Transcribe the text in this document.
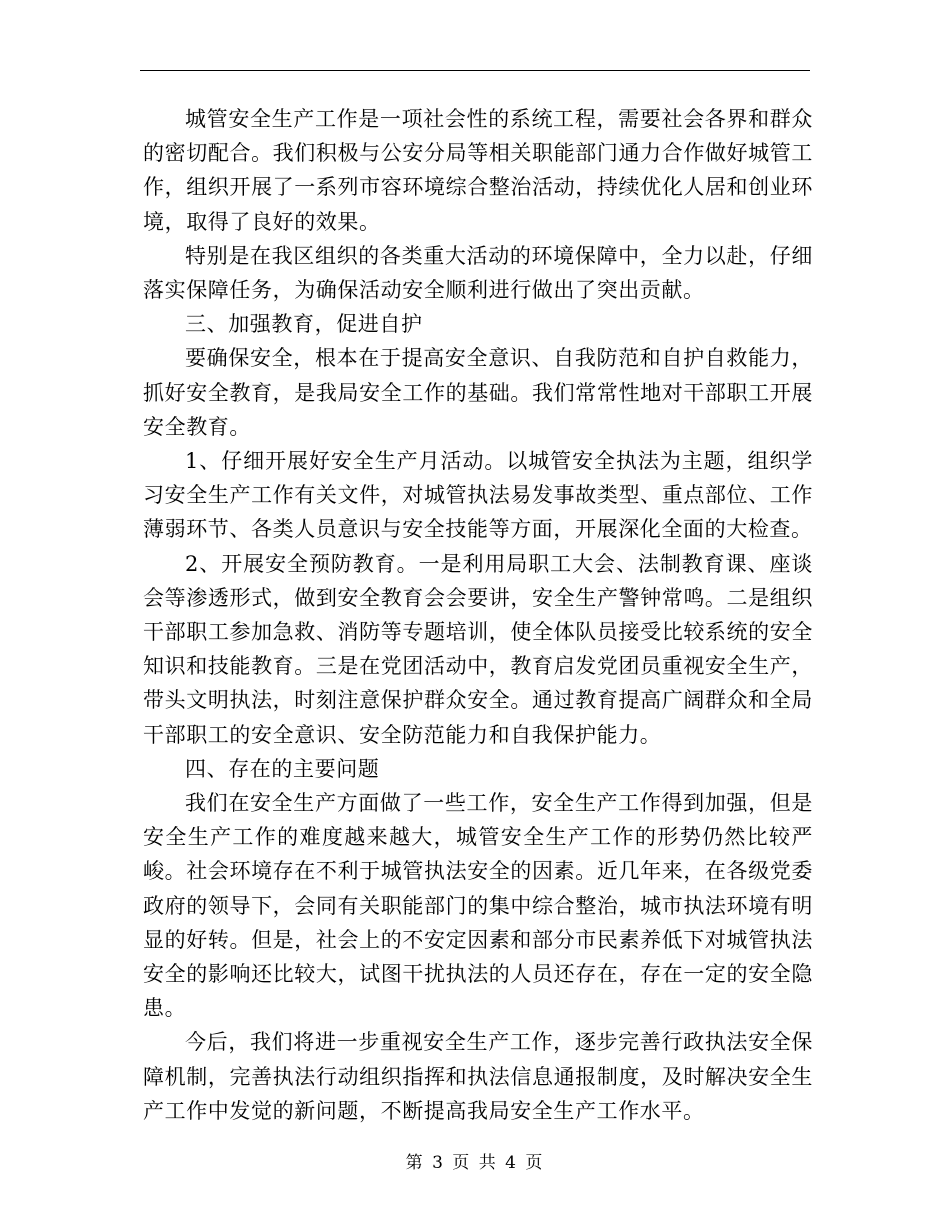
城管安全生产工作是一项社会性的系统工程，需要社会各界和群众的密切配合。我们积极与公安分局等相关职能部门通力合作做好城管工作，组织开展了一系列市容环境综合整治活动，持续优化人居和创业环境，取得了良好的效果。

特别是在我区组织的各类重大活动的环境保障中，全力以赴，仔细落实保障任务，为确保活动安全顺利进行做出了突出贡献。

三、加强教育，促进自护

要确保安全，根本在于提高安全意识、自我防范和自护自救能力，抓好安全教育，是我局安全工作的基础。我们常常性地对干部职工开展安全教育。

1、仔细开展好安全生产月活动。以城管安全执法为主题，组织学习安全生产工作有关文件，对城管执法易发事故类型、重点部位、工作薄弱环节、各类人员意识与安全技能等方面，开展深化全面的大检查。

2、开展安全预防教育。一是利用局职工大会、法制教育课、座谈会等渗透形式，做到安全教育会会要讲，安全生产警钟常鸣。二是组织干部职工参加急救、消防等专题培训，使全体队员接受比较系统的安全知识和技能教育。三是在党团活动中，教育启发党团员重视安全生产，带头文明执法，时刻注意保护群众安全。通过教育提高广阔群众和全局干部职工的安全意识、安全防范能力和自我保护能力。

四、存在的主要问题

我们在安全生产方面做了一些工作，安全生产工作得到加强，但是安全生产工作的难度越来越大，城管安全生产工作的形势仍然比较严峻。社会环境存在不利于城管执法安全的因素。近几年来，在各级党委政府的领导下，会同有关职能部门的集中综合整治，城市执法环境有明显的好转。但是，社会上的不安定因素和部分市民素养低下对城管执法安全的影响还比较大，试图干扰执法的人员还存在，存在一定的安全隐患。

今后，我们将进一步重视安全生产工作，逐步完善行政执法安全保障机制，完善执法行动组织指挥和执法信息通报制度，及时解决安全生产工作中发觉的新问题，不断提高我局安全生产工作水平。

第 3 页 共 4 页
